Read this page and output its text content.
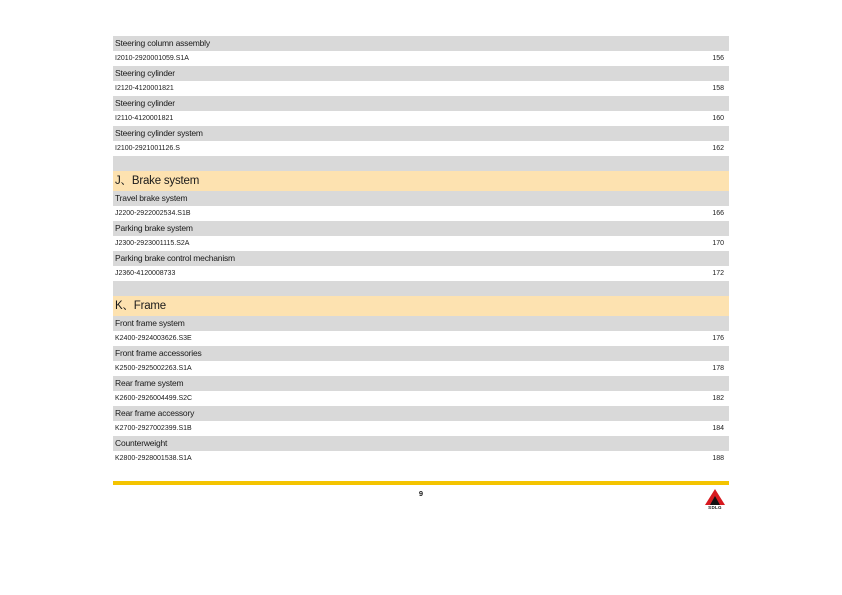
Steering column assembly
I2010-2920001059.S1A	156
Steering cylinder
I2120-4120001821	158
Steering cylinder
I2110-4120001821	160
Steering cylinder system
I2100-2921001126.S	162
J、Brake system
Travel brake system
J2200-2922002534.S1B	166
Parking brake system
J2300-2923001115.S2A	170
Parking brake control mechanism
J2360-4120008733	172
K、Frame
Front frame system
K2400-2924003626.S3E	176
Front frame accessories
K2500-2925002263.S1A	178
Rear frame system
K2600-2926004499.S2C	182
Rear frame accessory
K2700-2927002399.S1B	184
Counterweight
K2800-2928001538.S1A	188
9
SDLG
